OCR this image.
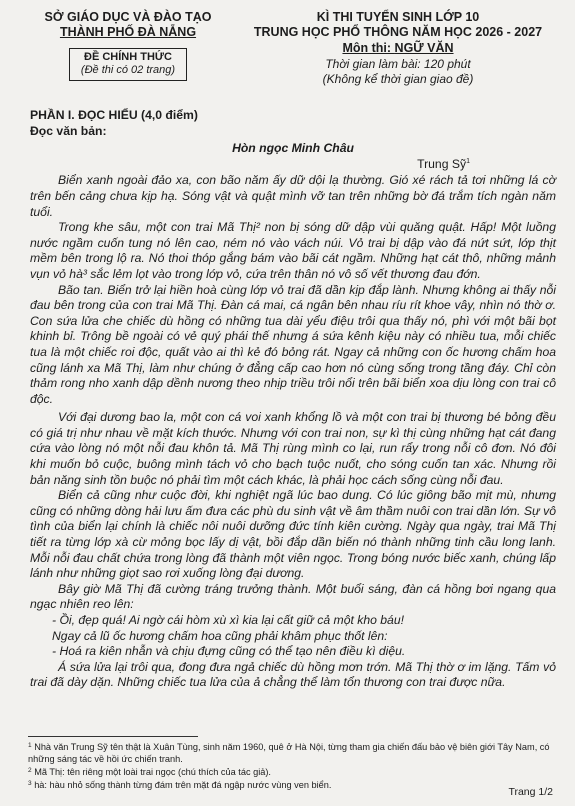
SỞ GIÁO DỤC VÀ ĐÀO TẠO
THÀNH PHỐ ĐÀ NẴNG
ĐỀ CHÍNH THỨC
(Đề thi có 02 trang)
KÌ THI TUYỂN SINH LỚP 10
TRUNG HỌC PHỔ THÔNG NĂM HỌC 2026 - 2027
Môn thi: NGỮ VĂN
Thời gian làm bài: 120 phút
(Không kể thời gian giao đề)

PHẦN I. ĐỌC HIỂU (4,0 điểm)

Đọc văn bản:

Hòn ngọc Minh Châu

Trung Sỹ$^1$

Biển xanh ngoài đảo xa, con bão năm ấy dữ dội lạ thường. Gió xé rách tả tơi những lá cờ trên bến cảng chưa kịp hạ. Sóng vật và quật mình vỡ tan trên những bờ đá trắm tích ngàn năm tuổi.

Trong khe sâu, một con trai Mã Thị² non bị sóng dữ dập vùi quăng quật. Hấp! Một luồng nước ngầm cuốn tung nó lên cao, ném nó vào vách núi. Vỏ trai bị dập vào đá nứt sứt, lớp thịt mềm bên trong lộ ra. Nó thoi thóp gắng bám vào bãi cát ngầm. Những hạt cát thô, những mảnh vụn vỏ hà³ sắc lẻm lọt vào trong lớp vỏ, cứa trên thân nó vô số vết thương đau đớn.

Bão tan. Biển trở lại hiền hoà cùng lớp vỏ trai đã dần kịp đắp lành. Nhưng không ai thấy nỗi đau bên trong của con trai Mã Thị. Đàn cá mai, cá ngân bên nhau ríu rít khoe vây, nhìn nó thờ ơ. Con sứa lửa che chiếc dù hồng có những tua dài yểu điệu trôi qua thấy nó, phì với một bãi bọt khinh bỉ. Trông bề ngoài có vẻ quý phái thế nhưng á sứa kênh kiệu này có nhiều tua, mỗi chiếc tua là một chiếc roi độc, quất vào ai thì kẻ đó bỏng rát. Ngay cả những con ốc hương chấm hoa cũng lánh xa Mã Thị, làm như chúng ở đẳng cấp cao hơn nó cùng sống trong tầng đáy. Chỉ còn thảm rong nho xanh dập dềnh nương theo nhịp triều trôi nổi trên bãi biển xoa dịu lòng con trai cô độc.

Với đại dương bao la, một con cá voi xanh khổng lồ và một con trai bị thương bé bỏng đều có giá trị như nhau về mặt kích thước. Nhưng với con trai non, sự kì thị cùng những hạt cát đang cứa vào lòng nó một nỗi đau khôn tả. Mã Thị rùng mình co lại, run rẩy trong nỗi cô đơn. Nó đôi khi muốn bỏ cuộc, buông mình tách vỏ cho bạch tuộc nuốt, cho sóng cuốn tan xác. Nhưng rồi bản năng sinh tồn buộc nó phải tìm một cách khác, là phải học cách sống cùng nỗi đau.

Biển cả cũng như cuộc đời, khi nghiệt ngã lúc bao dung. Có lúc giông bão mịt mù, nhưng cũng có những dòng hải lưu ấm đưa các phù du sinh vật về âm thầm nuôi con trai dần lớn. Sự vô tình của biển lại chính là chiếc nôi nuôi dưỡng đức tính kiên cường. Ngày qua ngày, trai Mã Thị tiết ra từng lớp xà cừ mỏng bọc lấy dị vật, bồi đắp dần biến nó thành những tinh cầu long lanh. Mỗi nỗi đau chất chứa trong lòng đã thành một viên ngọc. Trong bóng nước biếc xanh, chúng lấp lánh như những giọt sao rơi xuống lòng đại dương.

Bây giờ Mã Thị đã cường tráng trưởng thành. Một buổi sáng, đàn cá hồng bơi ngang qua ngạc nhiên reo lên:

- Ồi, đẹp quá! Ai ngờ cái hòm xù xì kia lại cất giữ cả một kho báu!

Ngay cả lũ ốc hương chấm hoa cũng phải khâm phục thốt lên:

- Hoá ra kiên nhẫn và chịu đựng cũng có thể tạo nên điều kì diệu.

Á sứa lửa lại trôi qua, đong đưa ngả chiếc dù hồng mơn trớn. Mã Thị thờ ơ im lặng. Tấm vỏ trai đã dày dặn. Những chiếc tua lửa của ả chẳng thể làm tổn thương con trai được nữa.

$^1$ Nhà văn Trung Sỹ tên thật là Xuân Tùng, sinh năm 1960, quê ở Hà Nội, từng tham gia chiến đấu bảo vệ biên giới Tây Nam, có những sáng tác về hồi ức chiến tranh.

$^2$ Mã Thị: tên riêng một loài trai ngọc (chú thích của tác giả).

$^3$ hà: hàu nhỏ sống thành từng đám trên mặt đá ngập nước vùng ven biển.

Trang 1/2
